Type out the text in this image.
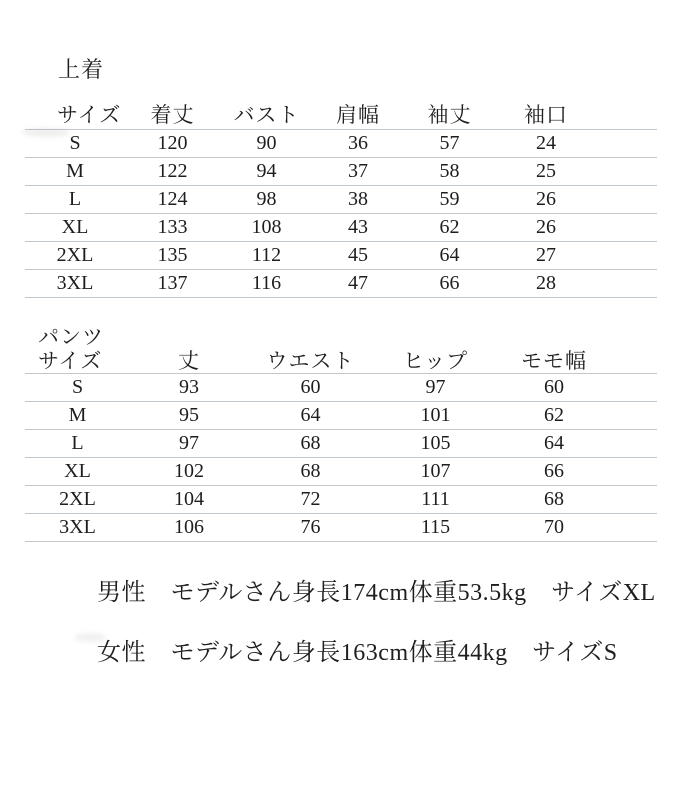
上着
サイズ	着丈	バスト	肩幅	袖丈	袖口	
S	120	90	36	57	24	
M	122	94	37	58	25	
L	124	98	38	59	26	
XL	133	108	43	62	26	
2XL	135	112	45	64	27	
3XL	137	116	47	66	28	
パンツ
サイズ	丈	ウエスト	ヒップ	モモ幅	
S	93	60	97	60	
M	95	64	101	62	
L	97	68	105	64	
XL	102	68	107	66	
2XL	104	72	111	68	
3XL	106	76	115	70	

男性　モデルさん身長174cm体重53.5kg　サイズXL

女性　モデルさん身長163cm体重44kg　サイズS
